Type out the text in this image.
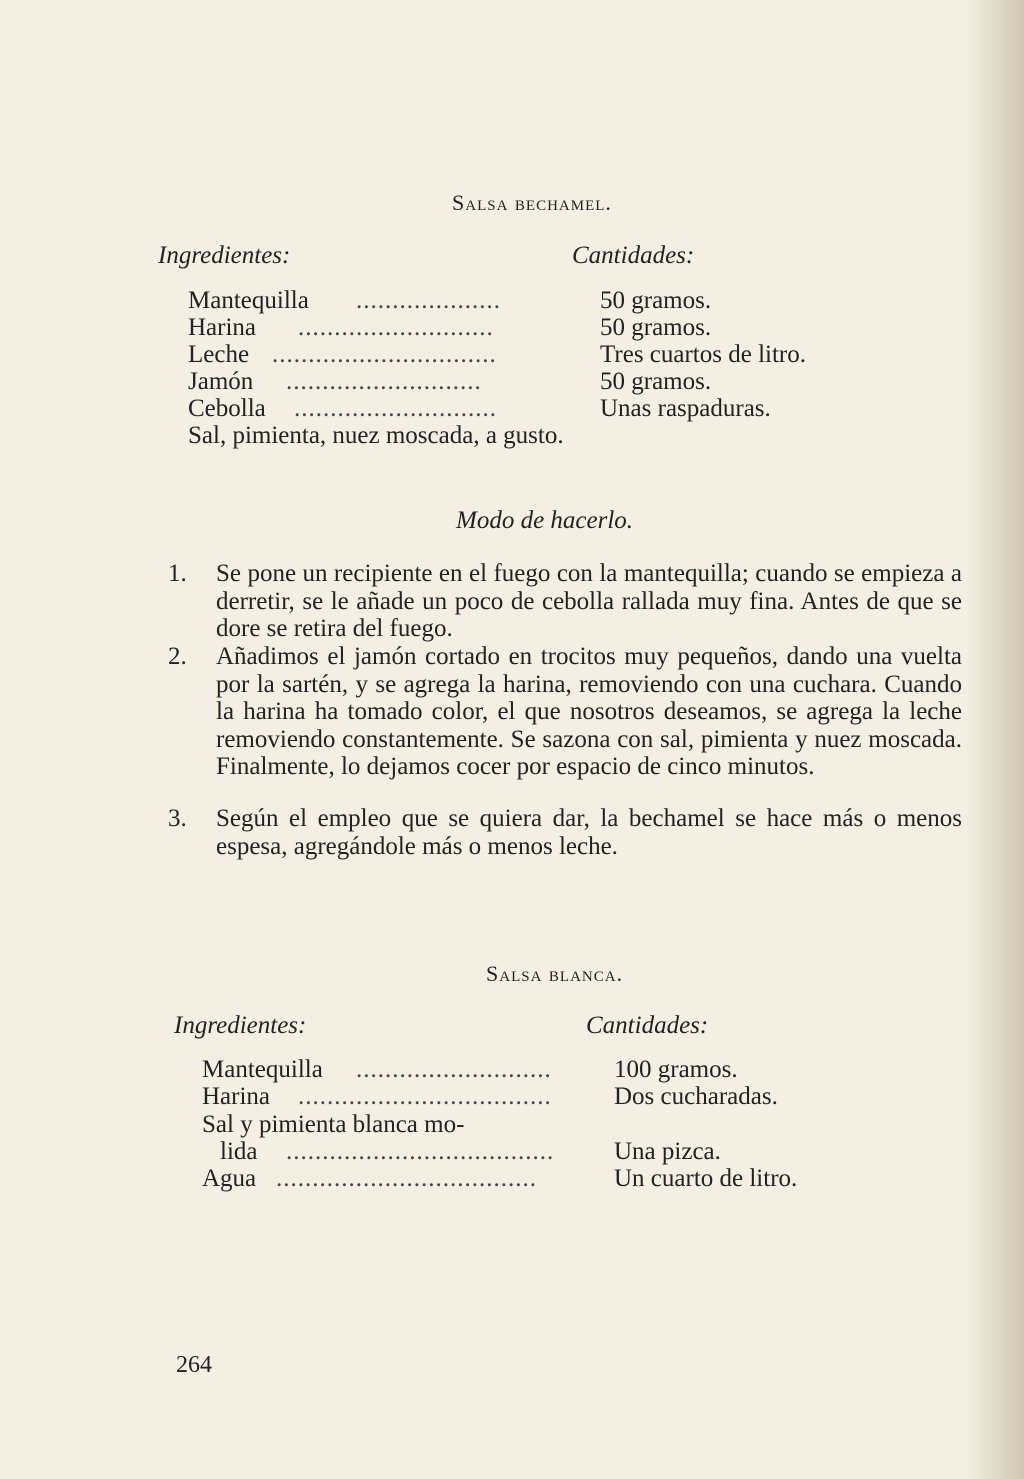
Salsa bechamel.
Ingredientes:	Cantidades:
Mantequilla ....................	50 gramos.
Harina ...........................	50 gramos.
Leche ...............................	Tres cuartos de litro.
Jamón ...........................	50 gramos.
Cebolla ............................	Unas raspaduras.
Sal, pimienta, nuez moscada, a gusto.
Modo de hacerlo.
1.	Se pone un recipiente en el fuego con la mantequilla; cuando se empieza a derretir, se le añade un poco de cebolla rallada muy fina. Antes de que se dore se retira del fuego.
2.	Añadimos el jamón cortado en trocitos muy pequeños, dando una vuelta por la sartén, y se agrega la harina, removiendo con una cuchara. Cuando la harina ha tomado color, el que nosotros deseamos, se agrega la leche removiendo constantemente. Se sazona con sal, pimienta y nuez moscada. Finalmente, lo dejamos cocer por espacio de cinco minutos.
3.	Según el empleo que se quiera dar, la bechamel se hace más o menos espesa, agregándole más o menos leche.
Salsa blanca.
Ingredientes:	Cantidades:
Mantequilla ........................... 100 gramos.
Harina ................................... Dos cucharadas.
Sal y pimienta blanca mo-
lida ..................................... Una pizca.
Agua ....................................	Un cuarto de litro.
264
